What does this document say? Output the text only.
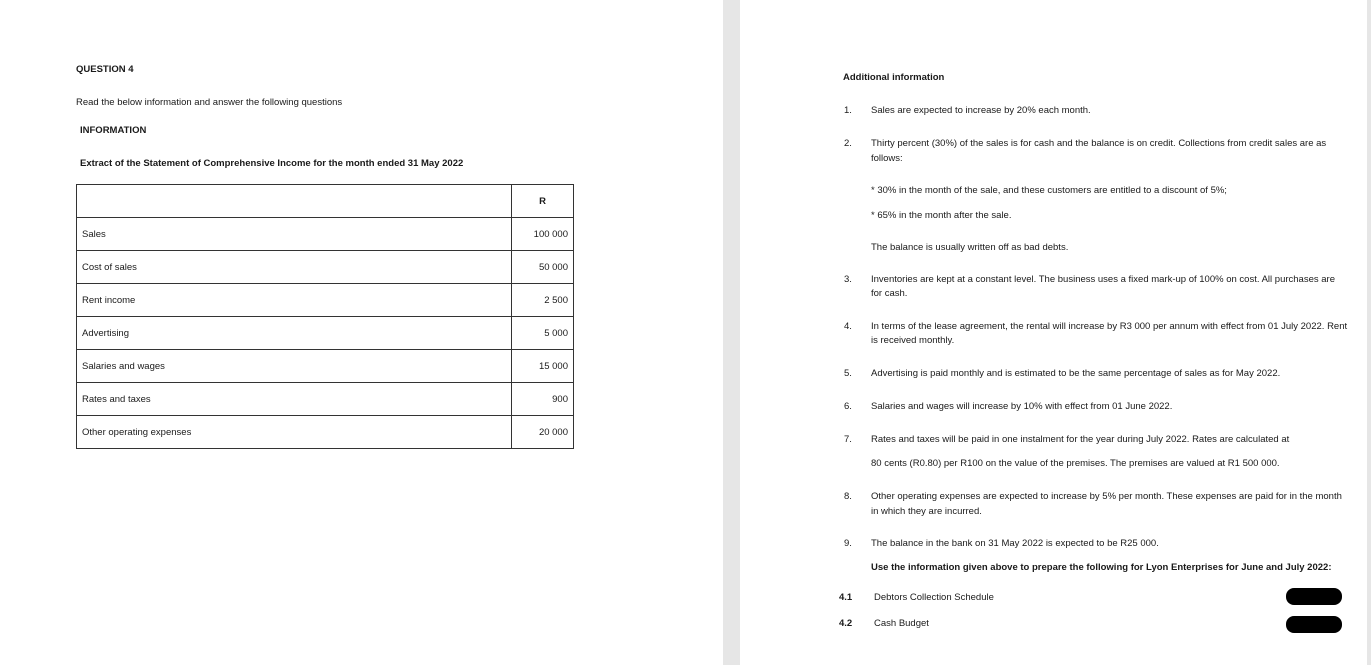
QUESTION 4
Read the below information and answer the following questions
INFORMATION
Extract of the Statement of Comprehensive Income for the month ended 31 May 2022
	R
Sales	100 000
Cost of sales	50 000
Rent income	2 500
Advertising	5 000
Salaries and wages	15 000
Rates and taxes	900
Other operating expenses	20 000
Additional information
1. Sales are expected to increase by 20% each month.
2. Thirty percent (30%) of the sales is for cash and the balance is on credit. Collections from credit sales are as
follows:
* 30% in the month of the sale, and these customers are entitled to a discount of 5%;
* 65% in the month after the sale.
The balance is usually written off as bad debts.
3. Inventories are kept at a constant level. The business uses a fixed mark-up of 100% on cost. All purchases are
for cash.
4. In terms of the lease agreement, the rental will increase by R3 000 per annum with effect from 01 July 2022. Rent
is received monthly.
5. Advertising is paid monthly and is estimated to be the same percentage of sales as for May 2022.
6. Salaries and wages will increase by 10% with effect from 01 June 2022.
7. Rates and taxes will be paid in one instalment for the year during July 2022. Rates are calculated at
80 cents (R0.80) per R100 on the value of the premises. The premises are valued at R1 500 000.
8. Other operating expenses are expected to increase by 5% per month. These expenses are paid for in the month
in which they are incurred.
9. The balance in the bank on 31 May 2022 is expected to be R25 000.
Use the information given above to prepare the following for Lyon Enterprises for June and July 2022:
4.1 Debtors Collection Schedule
4.2 Cash Budget
